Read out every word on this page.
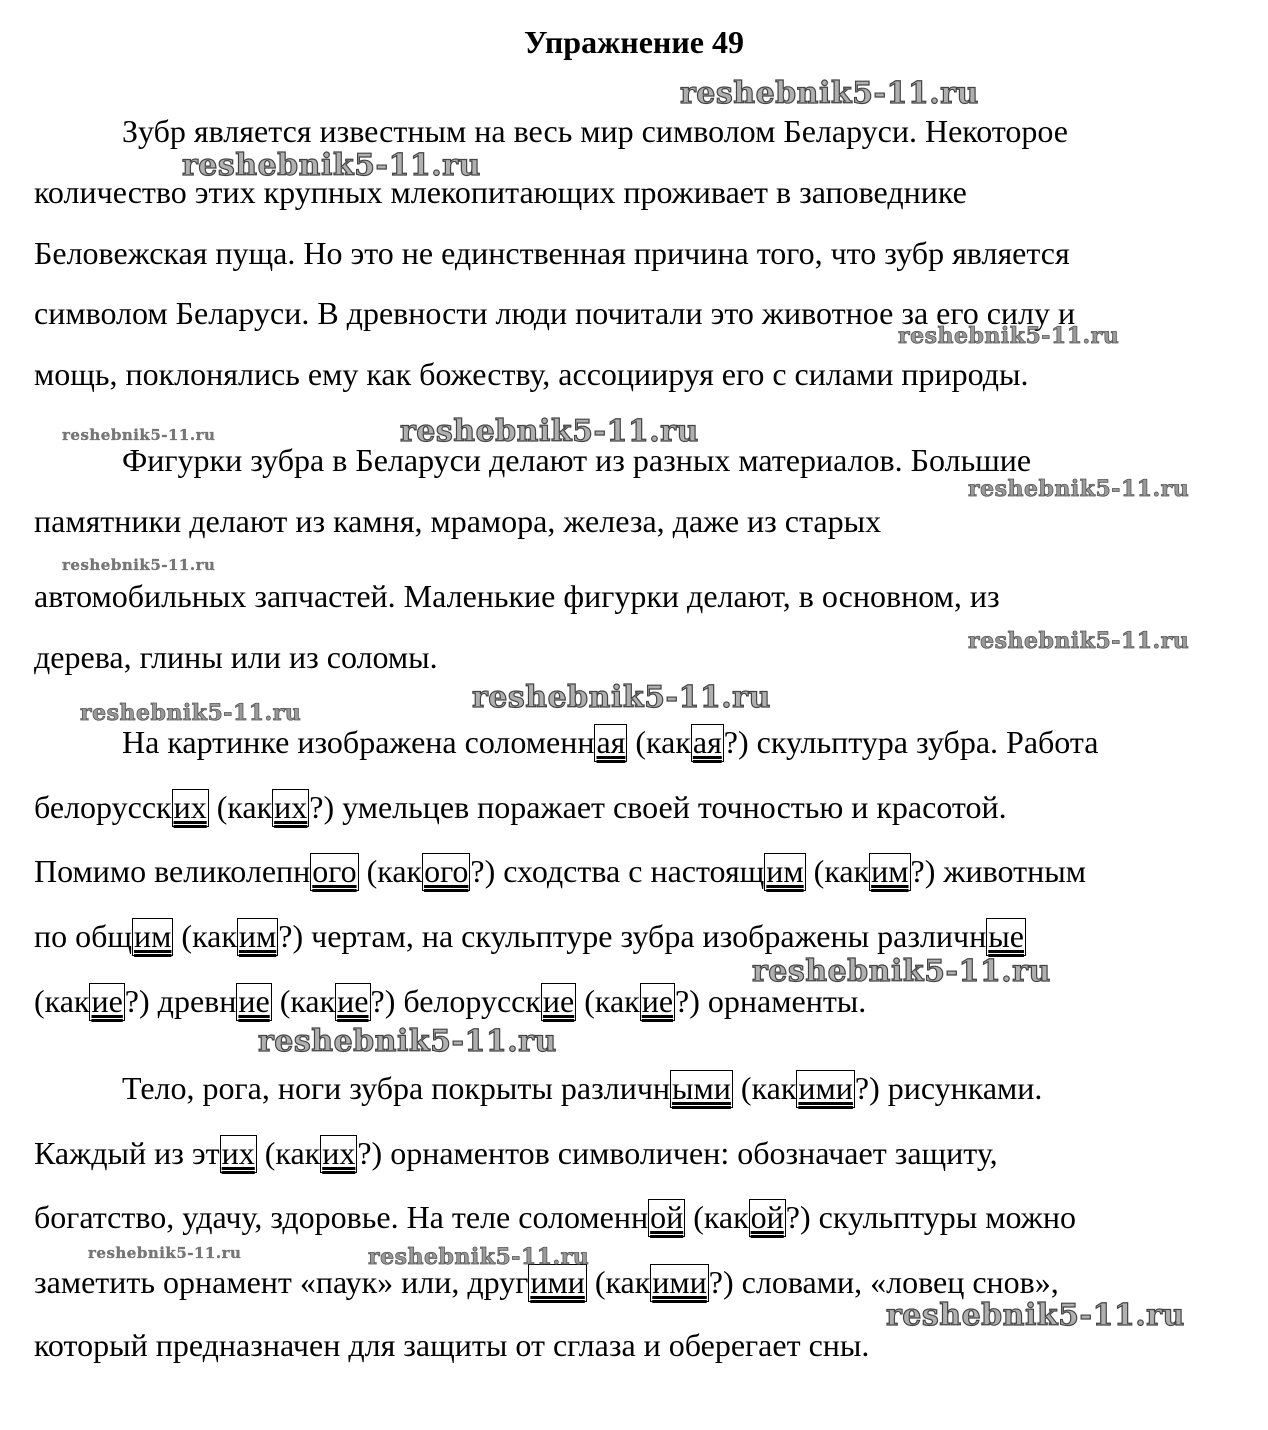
Упражнение 49
Зубр является известным на весь мир символом Беларуси. Некоторое
количество этих крупных млекопитающих проживает в заповеднике
Беловежская пуща. Но это не единственная причина того, что зубр является
символом Беларуси. В древности люди почитали это животное за его силу и
мощь, поклонялись ему как божеству, ассоциируя его с силами природы.
Фигурки зубра в Беларуси делают из разных материалов. Большие
памятники делают из камня, мрамора, железа, даже из старых
автомобильных запчастей. Маленькие фигурки делают, в основном, из
дерева, глины или из соломы.
На картинке изображена соломенная (какая?) скульптура зубра. Работа
белорусских (каких?) умельцев поражает своей точностью и красотой.
Помимо великолепного (какого?) сходства с настоящим (каким?) животным
по общим (каким?) чертам, на скульптуре зубра изображены различные
(какие?) древние (какие?) белорусские (какие?) орнаменты.
Тело, рога, ноги зубра покрыты различными (какими?) рисунками.
Каждый из этих (каких?) орнаментов символичен: обозначает защиту,
богатство, удачу, здоровье. На теле соломенной (какой?) скульптуры можно
заметить орнамент «паук» или, другими (какими?) словами, «ловец снов»,
который предназначен для защиты от сглаза и оберегает сны.
reshebnik5-11.ru
reshebnik5-11.ru
reshebnik5-11.ru
reshebnik5-11.ru	reshebnik5-11.ru
reshebnik5-11.ru
reshebnik5-11.ru
reshebnik5-11.ru
reshebnik5-11.ru
reshebnik5-11.ru
reshebnik5-11.ru
reshebnik5-11.ru
reshebnik5-11.ru	reshebnik5-11.ru
reshebnik5-11.ru
